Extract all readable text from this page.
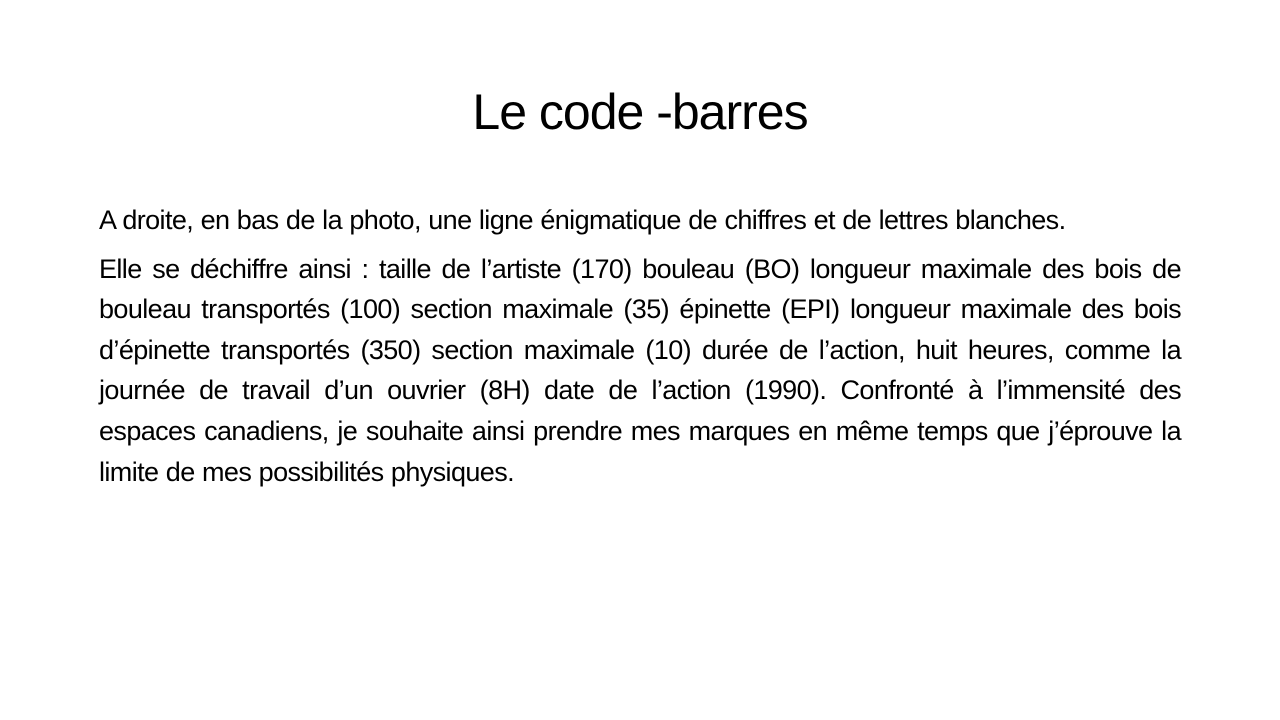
Le code -barres

A droite, en bas de la photo, une ligne énigmatique de chiffres et de lettres blanches.

Elle se déchiffre ainsi : taille de l’artiste (170) bouleau (BO) longueur maximale des bois de bouleau transportés (100) section maximale (35) épinette (EPI) longueur maximale des bois d’épinette transportés (350) section maximale (10) durée de l’action, huit heures, comme la journée de travail d’un ouvrier (8H) date de l’action (1990). Confronté à l’immensité des espaces canadiens, je souhaite ainsi prendre mes marques en même temps que j’éprouve la limite de mes possibilités physiques.
